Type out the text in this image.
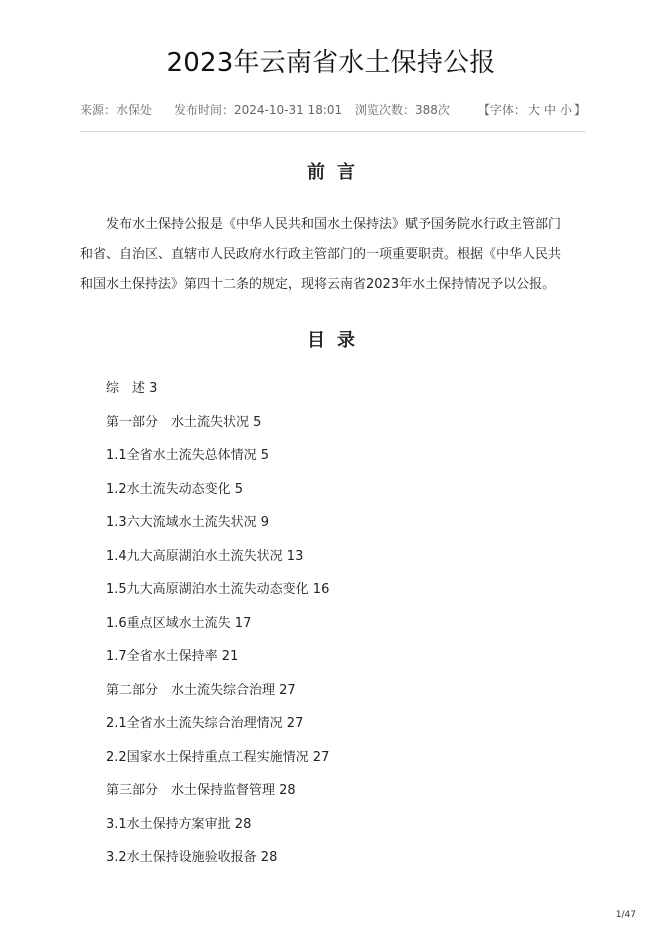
2023年云南省水土保持公报
来源：水保处 发布时间：2024-10-31 18:01 浏览次数：388次 【字体： 大 中 小 】
前言

发布水土保持公报是《中华人民共和国水土保持法》赋予国务院水行政主管部门
和省、自治区、直辖市人民政府水行政主管部门的一项重要职责。根据《中华人民共
和国水土保持法》第四十二条的规定，现将云南省2023年水土保持情况予以公报。

目录
综　述 3
第一部分　水土流失状况 5
1.1全省水土流失总体情况 5
1.2水土流失动态变化 5
1.3六大流域水土流失状况 9
1.4九大高原湖泊水土流失状况 13
1.5九大高原湖泊水土流失动态变化 16
1.6重点区域水土流失 17
1.7全省水土保持率 21
第二部分　水土流失综合治理 27
2.1全省水土流失综合治理情况 27
2.2国家水土保持重点工程实施情况 27
第三部分　水土保持监督管理 28
3.1水土保持方案审批 28
3.2水土保持设施验收报备 28
1/47
